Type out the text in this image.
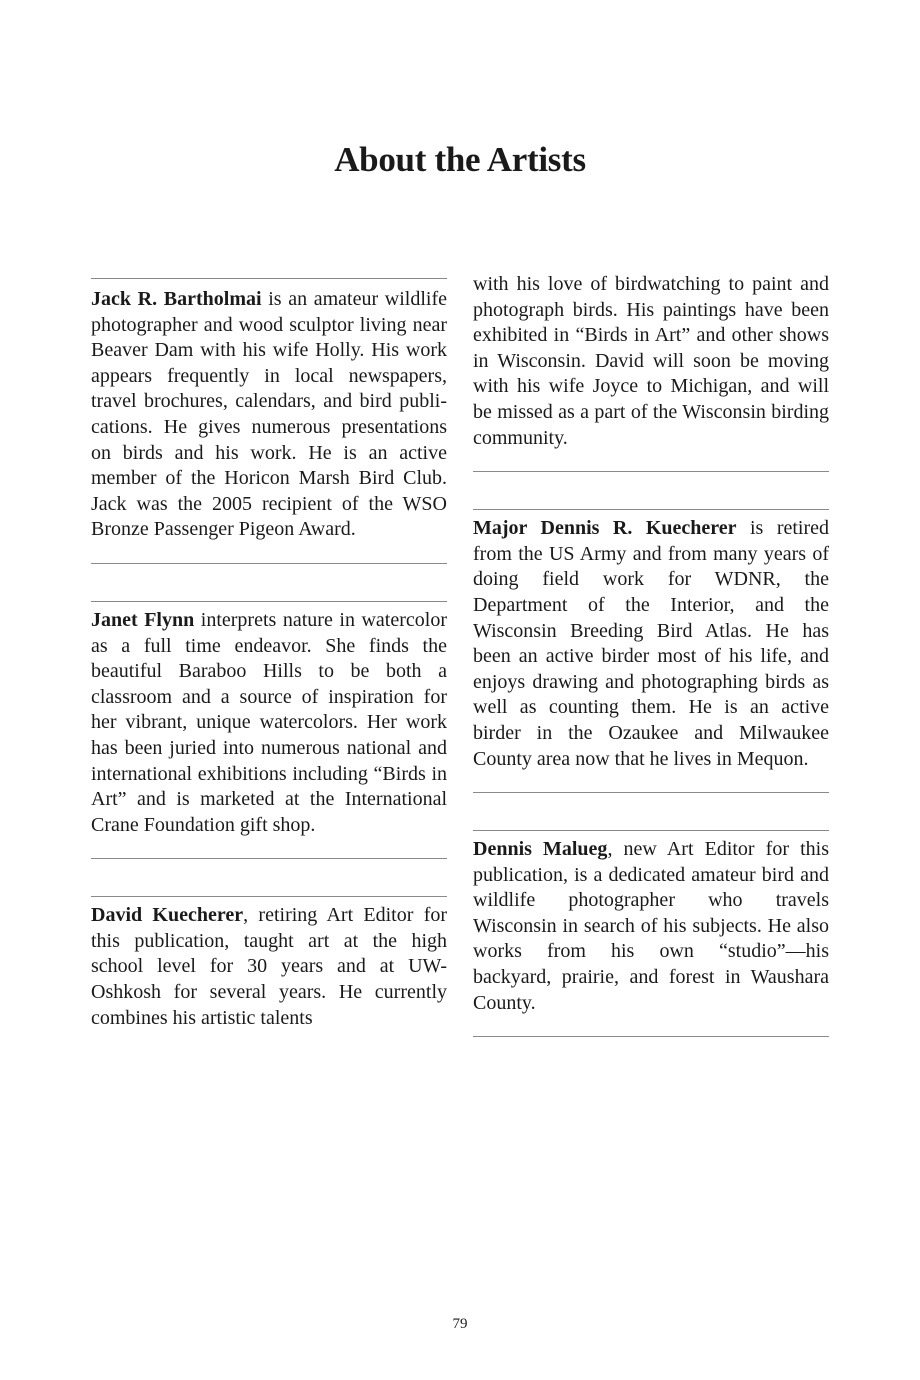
About the Artists

Jack R. Bartholmai is an amateur wildlife photographer and wood sculptor living near Beaver Dam with his wife Holly. His work appears frequently in local newspapers, travel brochures, calendars, and bird publications. He gives numerous presentations on birds and his work. He is an active member of the Horicon Marsh Bird Club. Jack was the 2005 recipient of the WSO Bronze Passenger Pigeon Award.

Janet Flynn interprets nature in watercolor as a full time endeavor. She finds the beautiful Baraboo Hills to be both a classroom and a source of inspiration for her vibrant, unique watercolors. Her work has been juried into numerous national and international exhibitions including “Birds in Art” and is marketed at the International Crane Foundation gift shop.

David Kuecherer, retiring Art Editor for this publication, taught art at the high school level for 30 years and at UW-Oshkosh for several years. He currently combines his artistic talents

with his love of birdwatching to paint and photograph birds. His paintings have been exhibited in “Birds in Art” and other shows in Wisconsin. David will soon be moving with his wife Joyce to Michigan, and will be missed as a part of the Wisconsin birding community.

Major Dennis R. Kuecherer is retired from the US Army and from many years of doing field work for WDNR, the Department of the Interior, and the Wisconsin Breeding Bird Atlas. He has been an active birder most of his life, and enjoys drawing and photographing birds as well as counting them. He is an active birder in the Ozaukee and Milwaukee County area now that he lives in Mequon.

Dennis Malueg, new Art Editor for this publication, is a dedicated amateur bird and wildlife photographer who travels Wisconsin in search of his subjects. He also works from his own “studio”—his backyard, prairie, and forest in Waushara County.

79
